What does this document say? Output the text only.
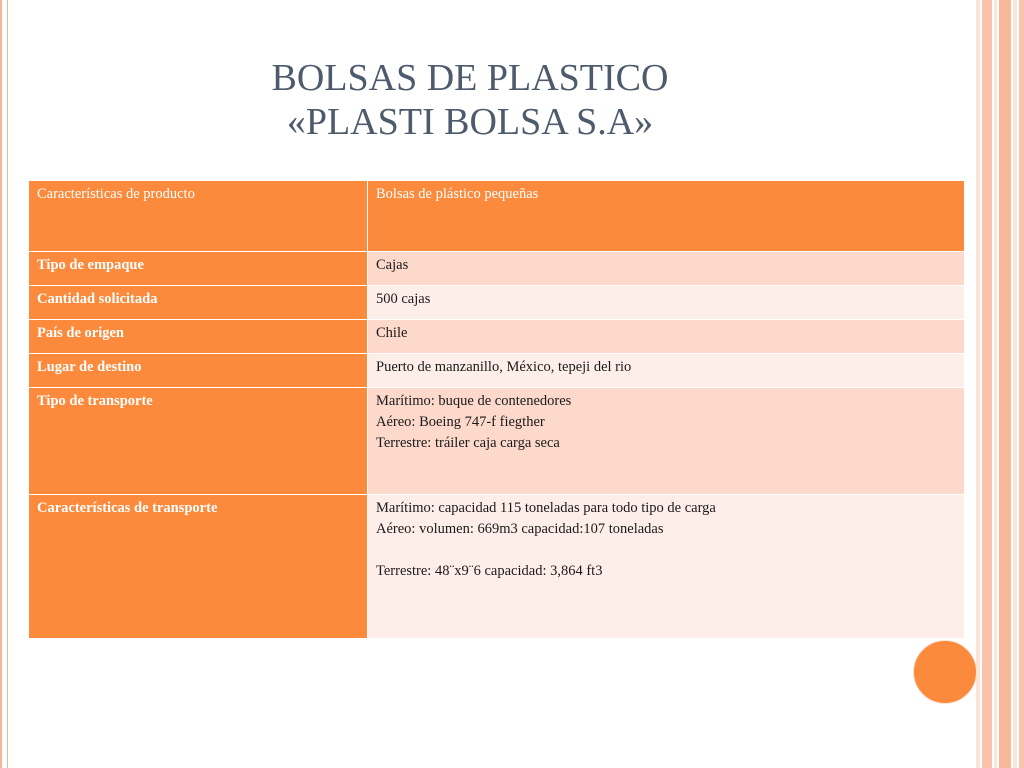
BOLSAS DE PLASTICO
«PLASTI BOLSA S.A»
Características de producto	Bolsas de plástico pequeñas
Tipo de empaque	Cajas

Cantidad solicitada	500 cajas

País de origen	Chile

Lugar de destino	Puerto de manzanillo, México, tepeji del rio

Tipo de transporte	Marítimo: buque de contenedores
Aéreo: Boeing 747-f fiegther
Terrestre: tráiler caja carga seca

Características de transporte	Marítimo: capacidad 115 toneladas para todo tipo de carga
Aéreo: volumen: 669m3 capacidad:107 toneladas
Terrestre: 48¨x9¨6 capacidad: 3,864 ft3
